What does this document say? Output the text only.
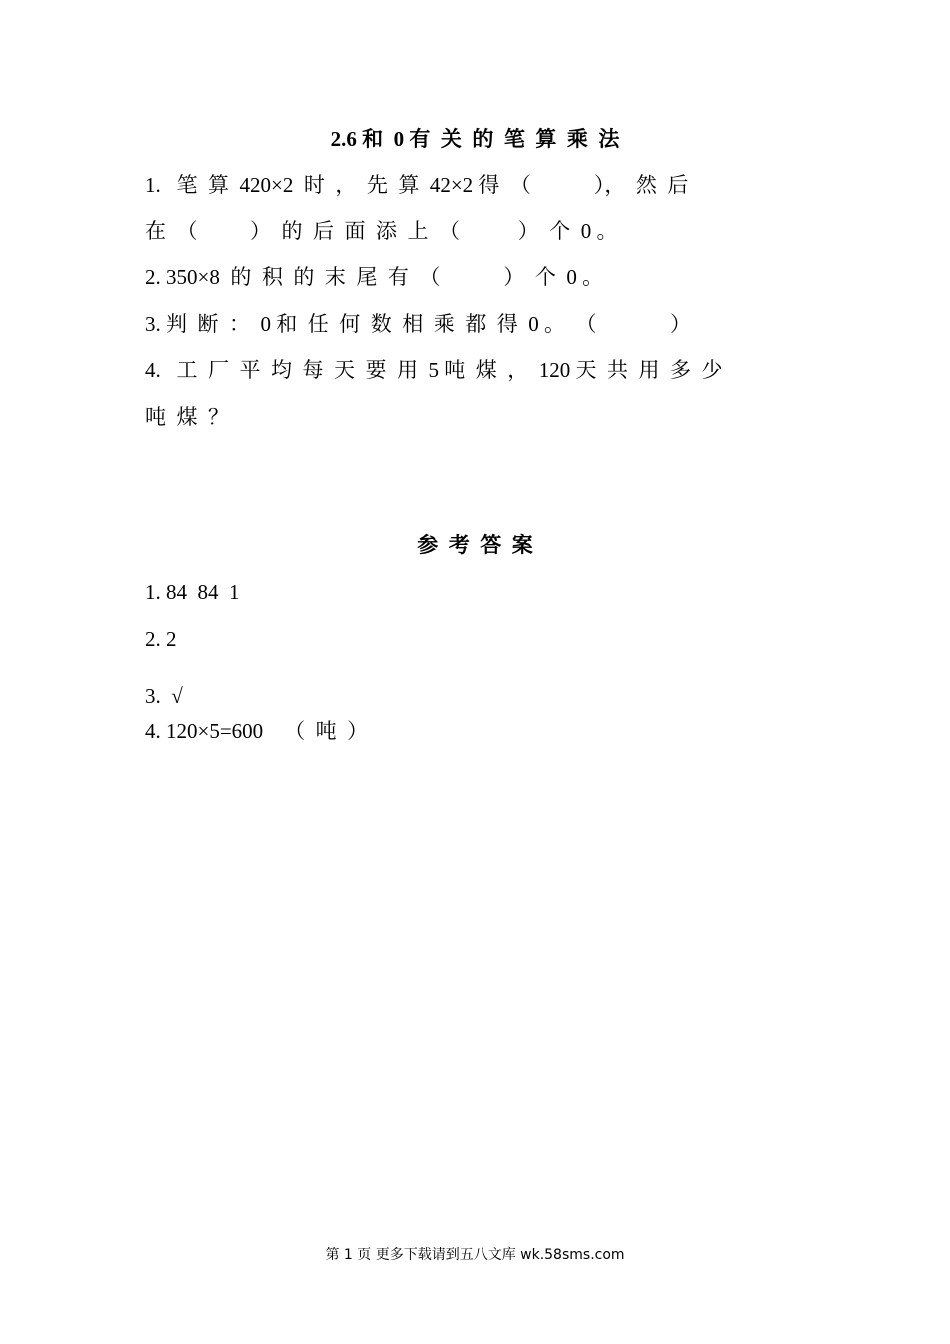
2.6 和  0 有  关  的  笔  算  乘  法
1.   笔  算  420×2  时  ，  先  算  42×2 得  （            ），  然  后
在  （          ）  的  后  面  添  上  （           ）  个  0 。
2. 350×8  的  积  的  末  尾  有  （            ）  个  0 。
3. 判  断  ：  0 和  任  何  数  相  乘  都  得  0 。  （              ）
4.   工  厂  平  均  每  天  要  用  5 吨  煤  ，  120 天  共  用  多  少
吨  煤  ？
参  考  答  案
1. 84  84  1
2. 2
3.  √
4. 120×5=600    （  吨  ）
第 1 页 更多下载请到五八文库 wk.58sms.com
